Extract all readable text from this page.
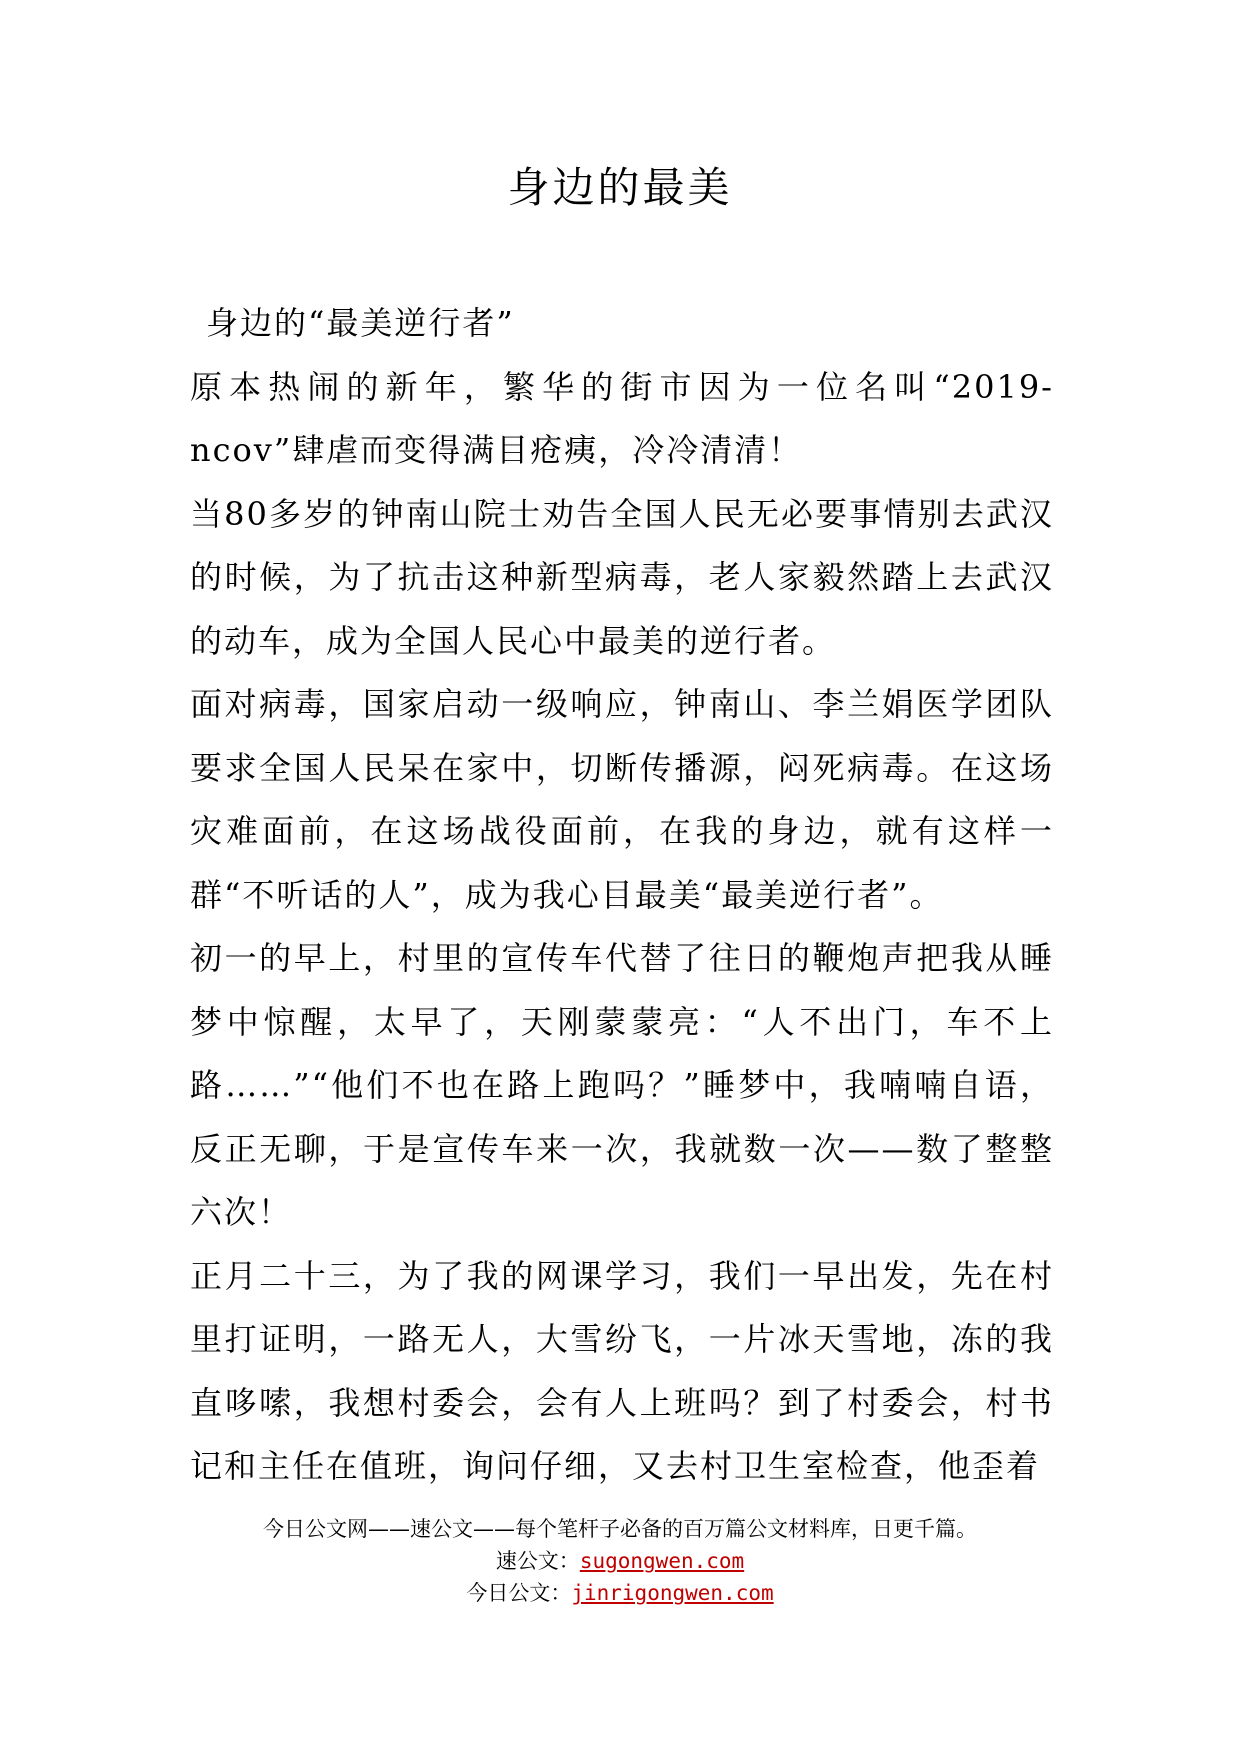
身边的最美

身边的“最美逆行者”

原本热闹的新年，繁华的街市因为一位名叫“2019-ncov”肆虐而变得满目疮痍，冷冷清清！

当80多岁的钟南山院士劝告全国人民无必要事情别去武汉的时候，为了抗击这种新型病毒，老人家毅然踏上去武汉的动车，成为全国人民心中最美的逆行者。

面对病毒，国家启动一级响应，钟南山、李兰娟医学团队要求全国人民呆在家中，切断传播源，闷死病毒。在这场灾难面前，在这场战役面前，在我的身边，就有这样一群“不听话的人”，成为我心目最美“最美逆行者”。

初一的早上，村里的宣传车代替了往日的鞭炮声把我从睡梦中惊醒，太早了，天刚蒙蒙亮：“人不出门，车不上路……”“他们不也在路上跑吗？”睡梦中，我喃喃自语，反正无聊，于是宣传车来一次，我就数一次——数了整整六次！

正月二十三，为了我的网课学习，我们一早出发，先在村里打证明，一路无人，大雪纷飞，一片冰天雪地，冻的我直哆嗦，我想村委会，会有人上班吗？到了村委会，村书记和主任在值班，询问仔细，又去村卫生室检查，他歪着

今日公文网——速公文——每个笔杆子必备的百万篇公文材料库，日更千篇。
速公文：sugongwen.com
今日公文：jinrigongwen.com
